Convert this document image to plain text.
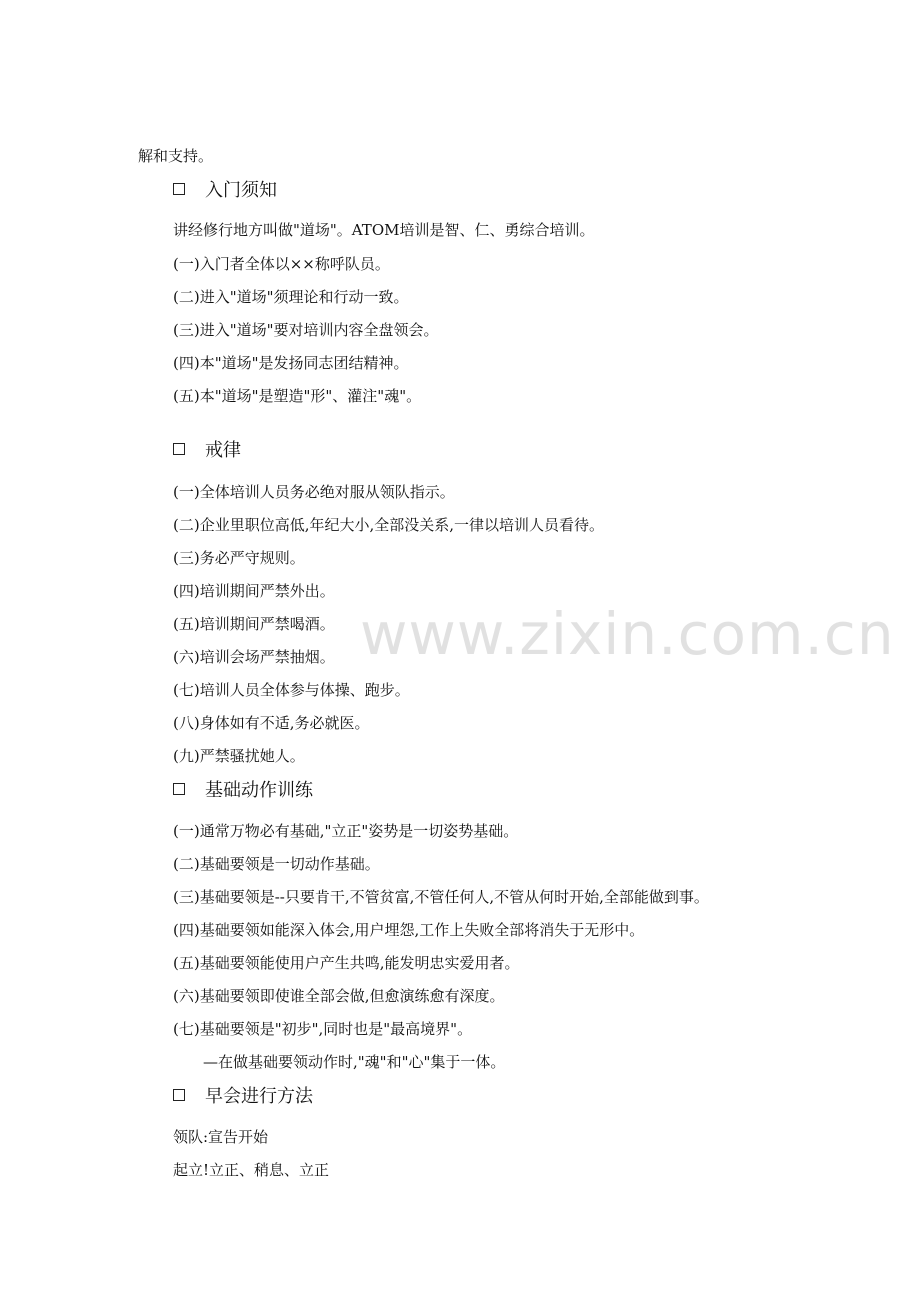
解和支持。
入门须知
讲经修行地方叫做"道场"。ATOM培训是智、仁、勇综合培训。
(一)入门者全体以××称呼队员。
(二)进入"道场"须理论和行动一致。
(三)进入"道场"要对培训内容全盘领会。
(四)本"道场"是发扬同志团结精神。
(五)本"道场"是塑造"形"、灌注"魂"。
戒律
(一)全体培训人员务必绝对服从领队指示。
(二)企业里职位高低,年纪大小,全部没关系,一律以培训人员看待。
(三)务必严守规则。
(四)培训期间严禁外出。
(五)培训期间严禁喝酒。
(六)培训会场严禁抽烟。
(七)培训人员全体参与体操、跑步。
(八)身体如有不适,务必就医。
(九)严禁骚扰她人。
基础动作训练
(一)通常万物必有基础,"立正"姿势是一切姿势基础。
(二)基础要领是一切动作基础。
(三)基础要领是--只要肯干,不管贫富,不管任何人,不管从何时开始,全部能做到事。
(四)基础要领如能深入体会,用户埋怨,工作上失败全部将消失于无形中。
(五)基础要领能使用户产生共鸣,能发明忠实爱用者。
(六)基础要领即使谁全部会做,但愈演练愈有深度。
(七)基础要领是"初步",同时也是"最高境界"。
—在做基础要领动作时,"魂"和"心"集于一体。
早会进行方法
领队:宣告开始
起立!立正、稍息、立正
www.zixin.com.cn
